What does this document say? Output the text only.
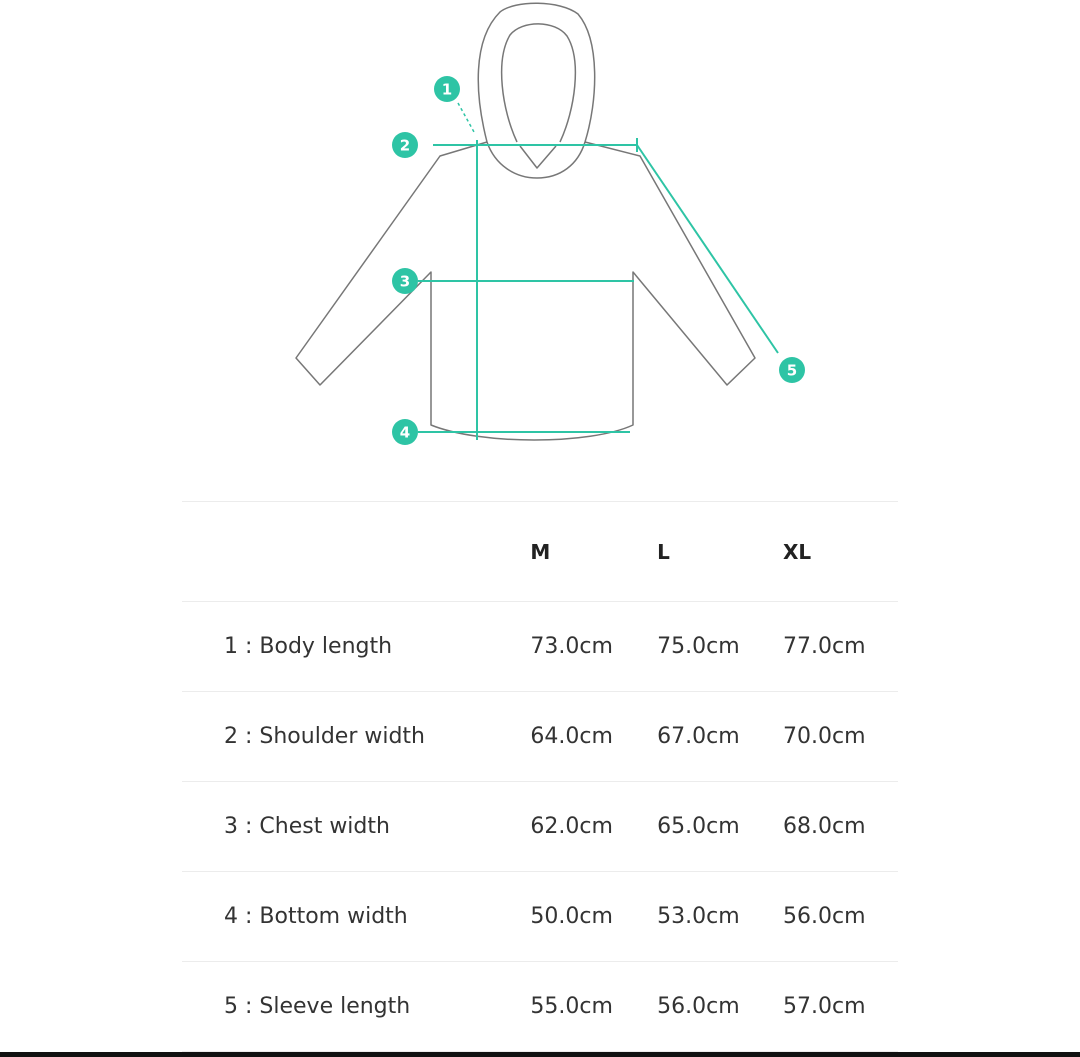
1
2
3
4
5
	M	L	XL
1 : Body length	73.0cm	75.0cm	77.0cm
2 : Shoulder width	64.0cm	67.0cm	70.0cm
3 : Chest width	62.0cm	65.0cm	68.0cm
4 : Bottom width	50.0cm	53.0cm	56.0cm
5 : Sleeve length	55.0cm	56.0cm	57.0cm
